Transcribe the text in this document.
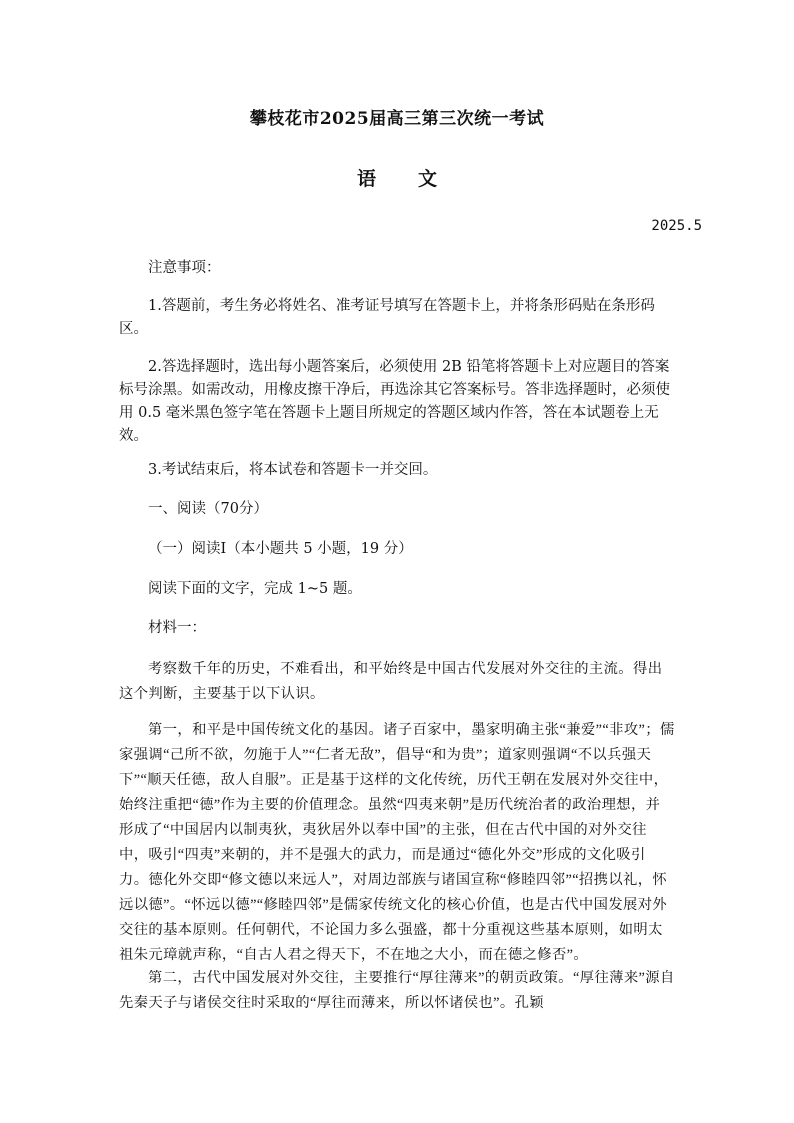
攀枝花市2025届高三第三次统一考试
语文
2025.5

注意事项：

1.答题前，考生务必将姓名、准考证号填写在答题卡上，并将条形码贴在条形码区。

2.答选择题时，选出每小题答案后，必须使用 2B 铅笔将答题卡上对应题目的答案标号涂黑。如需改动，用橡皮擦干净后，再选涂其它答案标号。答非选择题时，必须使用 0.5 毫米黑色签字笔在答题卡上题目所规定的答题区域内作答，答在本试题卷上无效。

3.考试结束后，将本试卷和答题卡一并交回。

一、阅读（70分）

（一）阅读Ⅰ（本小题共 5 小题，19 分）

阅读下面的文字，完成 1~5 题。

材料一：

考察数千年的历史，不难看出，和平始终是中国古代发展对外交往的主流。得出这个判断，主要基于以下认识。

第一，和平是中国传统文化的基因。诸子百家中，墨家明确主张“兼爱”“非攻”；儒家强调“己所不欲，勿施于人”“仁者无敌”，倡导“和为贵”；道家则强调“不以兵强天下”“顺天任德，敌人自服”。正是基于这样的文化传统，历代王朝在发展对外交往中，始终注重把“德”作为主要的价值理念。虽然“四夷来朝”是历代统治者的政治理想，并形成了“中国居内以制夷狄，夷狄居外以奉中国”的主张，但在古代中国的对外交往中，吸引“四夷”来朝的，并不是强大的武力，而是通过“德化外交”形成的文化吸引力。德化外交即“修文德以来远人”，对周边部族与诸国宣称“修睦四邻”“招携以礼，怀远以德”。“怀远以德”“修睦四邻”是儒家传统文化的核心价值，也是古代中国发展对外交往的基本原则。任何朝代，不论国力多么强盛，都十分重视这些基本原则，如明太祖朱元璋就声称，“自古人君之得天下，不在地之大小，而在德之修否”。

第二，古代中国发展对外交往，主要推行“厚往薄来”的朝贡政策。“厚往薄来”源自先秦天子与诸侯交往时采取的“厚往而薄来，所以怀诸侯也”。孔颖
